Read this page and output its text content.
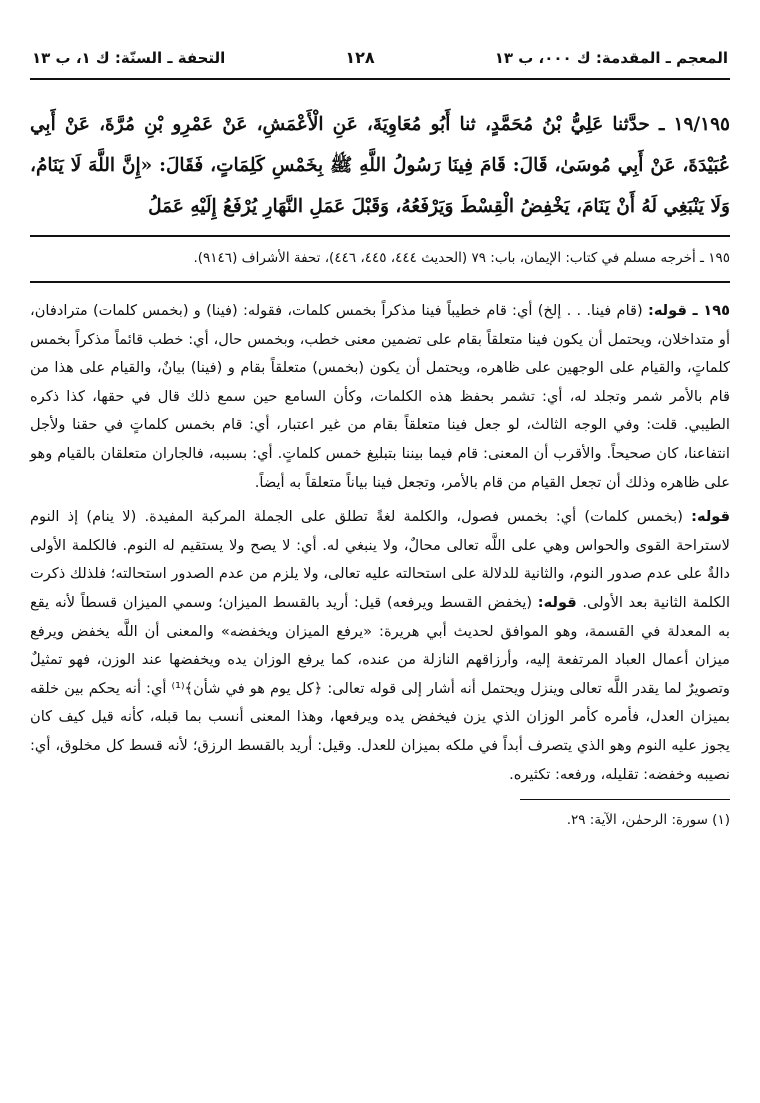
المعجم ـ المقدمة: ك ٠٠٠، ب ١٣
١٢٨
التحفة ـ السنّة: ك ١، ب ١٣
١٩/١٩٥ ـ حدَّثنا عَلِيُّ بْنُ مُحَمَّدٍ، ثنا أَبُو مُعَاوِيَةَ، عَنِ الْأَعْمَشِ، عَنْ عَمْرِو بْنِ مُرَّةَ، عَنْ أَبِي عُبَيْدَةَ، عَنْ أَبِي مُوسَىٰ، قَالَ: قَامَ فِينَا رَسُولُ اللَّهِ ﷺ بِخَمْسِ كَلِمَاتٍ، فَقَالَ: «إِنَّ اللَّهَ لَا يَنَامُ، وَلَا يَنْبَغِي لَهُ أَنْ يَنَامَ، يَخْفِضُ الْقِسْطَ وَيَرْفَعُهُ، وَقَبْلَ عَمَلِ النَّهَارِ يُرْفَعُ إِلَيْهِ عَمَلُ
١٩٥ ـ أخرجه مسلم في كتاب: الإيمان، باب: ٧٩ (الحديث ٤٤٤، ٤٤٥، ٤٤٦)، تحفة الأشراف (٩١٤٦).

١٩٥ ـ قوله: (قام فينا. . . إلخ) أي: قام خطيباً فينا مذكراً بخمس كلمات، فقوله: (فينا) و (بخمس كلمات) مترادفان، أو متداخلان، ويحتمل أن يكون فينا متعلقاً بقام على تضمين معنى خطب، وبخمس حال، أي: خطب قائماً مذكراً بخمس كلماتٍ، والقيام على الوجهين على ظاهره، ويحتمل أن يكون (بخمس) متعلقاً بقام و (فينا) بيانٌ، والقيام على هذا من قام بالأمر شمر وتجلد له، أي: تشمر بحفظ هذه الكلمات، وكأن السامع حين سمع ذلك قال في حقها، كذا ذكره الطيبي. قلت: وفي الوجه الثالث، لو جعل فينا متعلقاً بقام من غير اعتبار، أي: قام بخمس كلماتٍ في حقنا ولأجل انتفاعنا، كان صحيحاً. والأقرب أن المعنى: قام فيما بيننا بتبليغ خمس كلماتٍ. أي: بسببه، فالجاران متعلقان بالقيام وهو على ظاهره وذلك أن تجعل القيام من قام بالأمر، وتجعل فينا بياناً متعلقاً به أيضاً.

قوله: (بخمس كلمات) أي: بخمس فصول، والكلمة لغةً تطلق على الجملة المركبة المفيدة. (لا ينام) إذ النوم لاستراحة القوى والحواس وهي على اللَّه تعالى محالٌ، ولا ينبغي له. أي: لا يصح ولا يستقيم له النوم. فالكلمة الأولى دالةٌ على عدم صدور النوم، والثانية للدلالة على استحالته عليه تعالى، ولا يلزم من عدم الصدور استحالته؛ فلذلك ذكرت الكلمة الثانية بعد الأولى. قوله: (يخفض القسط ويرفعه) قيل: أريد بالقسط الميزان؛ وسمي الميزان قسطاً لأنه يقع به المعدلة في القسمة، وهو الموافق لحديث أبي هريرة: «يرفع الميزان ويخفضه» والمعنى أن اللَّه يخفض ويرفع ميزان أعمال العباد المرتفعة إليه، وأرزاقهم النازلة من عنده، كما يرفع الوزان يده ويخفضها عند الوزن، فهو تمثيلٌ وتصويرٌ لما يقدر اللَّه تعالى وينزل ويحتمل أنه أشار إلى قوله تعالى: ﴿كل يوم هو في شأن﴾⁽¹⁾ أي: أنه يحكم بين خلقه بميزان العدل، فأمره كأمر الوزان الذي يزن فيخفض يده ويرفعها، وهذا المعنى أنسب بما قبله، كأنه قيل كيف كان يجوز عليه النوم وهو الذي يتصرف أبداً في ملكه بميزان للعدل. وقيل: أريد بالقسط الرزق؛ لأنه قسط كل مخلوق، أي: نصيبه وخفضه: تقليله، ورفعه: تكثيره.

(١) سورة: الرحمٰن، الآية: ٢٩.
